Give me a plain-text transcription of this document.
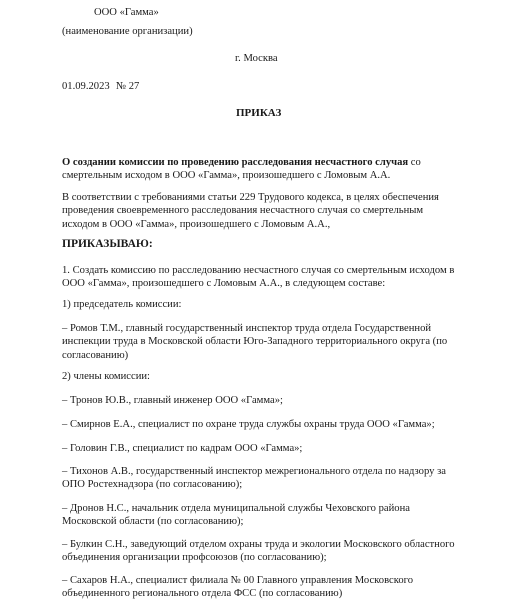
ООО «Гамма»
(наименование организации)
г. Москва
01.09.2023 № 27
ПРИКАЗ
О создании комиссии по проведению расследования несчастного случая со смертельным исходом в ООО «Гамма», произошедшего с Ломовым А.А.
В соответствии с требованиями статьи 229 Трудового кодекса, в целях обеспечения проведения своевременного расследования несчастного случая со смертельным исходом в ООО «Гамма», произошедшего с Ломовым А.А.,
ПРИКАЗЫВАЮ:
1. Создать комиссию по расследованию несчастного случая со смертельным исходом в ООО «Гамма», произошедшего с Ломовым А.А., в следующем составе:
1) председатель комиссии:
– Ромов Т.М., главный государственный инспектор труда отдела Государственной инспекции труда в Московской области Юго-Западного территориального округа (по согласованию)
2) члены комиссии:
– Тронов Ю.В., главный инженер ООО «Гамма»;
– Смирнов Е.А., специалист по охране труда службы охраны труда ООО «Гамма»;
– Головин Г.В., специалист по кадрам ООО «Гамма»;
– Тихонов А.В., государственный инспектор межрегионального отдела по надзору за ОПО Ростехнадзора (по согласованию);
– Дронов Н.С., начальник отдела муниципальной службы Чеховского района Московской области (по согласованию);
– Булкин С.Н., заведующий отделом охраны труда и экологии Московского областного объединения организации профсоюзов (по согласованию);
– Сахаров Н.А., специалист филиала № 00 Главного управления Московского объединенного регионального отдела ФСС (по согласованию)
